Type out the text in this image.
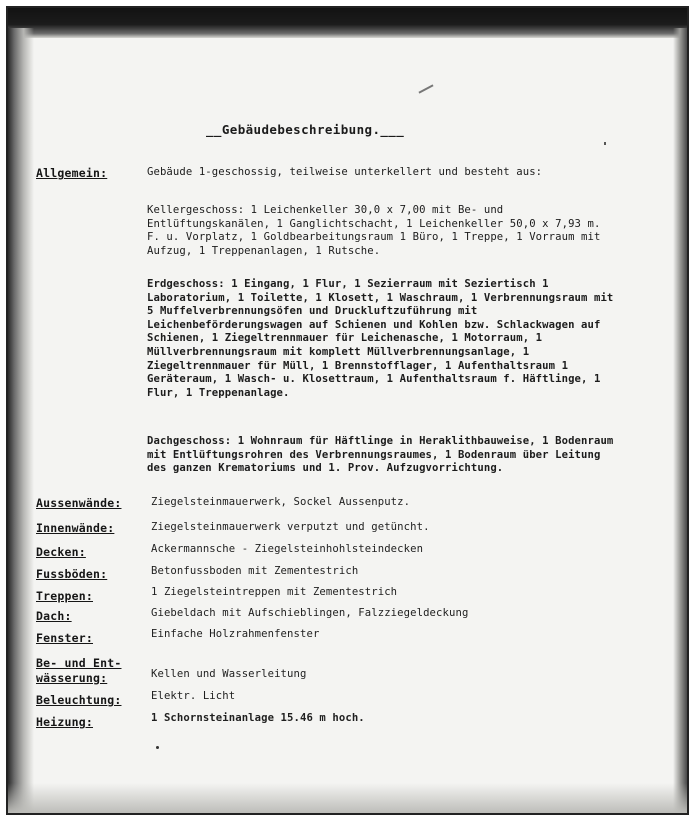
__Gebäudebeschreibung.___
Allgemein:	Gebäude 1-geschossig, teilweise unterkellert und besteht aus:
Kellergeschoss: 1 Leichenkeller 30,0 x 7,00 mit Be- und Entlüftungskanälen, 1 Ganglichtschacht, 1 Leichenkeller 50,0 x 7,93 m. F. u. Vorplatz, 1 Goldbearbeitungsraum 1 Büro, 1 Treppe, 1 Vorraum mit Aufzug, 1 Treppenanlagen, 1 Rutsche.
Erdgeschoss: 1 Eingang, 1 Flur, 1 Sezierraum mit Seziertisch 1 Laboratorium, 1 Toilette, 1 Klosett, 1 Waschraum, 1 Verbrennungsraum mit 5 Muffelverbrennungsöfen und Druckluftzuführung mit Leichenbeförderungswagen auf Schienen und Kohlen bzw. Schlackwagen auf Schienen, 1 Ziegeltrennmauer für Leichenasche, 1 Motorraum, 1 Müllverbrennungsraum mit komplett Müllverbrennungsanlage, 1 Ziegeltrennmauer für Müll, 1 Brennstofflager, 1 Aufenthaltsraum 1 Geräteraum, 1 Wasch- u. Klosettraum, 1 Aufenthaltsraum f. Häftlinge, 1 Flur, 1 Treppenanlage.
Dachgeschoss: 1 Wohnraum für Häftlinge in Heraklithbauweise, 1 Bodenraum mit Entlüftungsrohren des Verbrennungsraumes, 1 Bodenraum über Leitung des ganzen Krematoriums und 1. Prov. Aufzugvorrichtung.
Aussenwände:	Ziegelsteinmauerwerk, Sockel Aussenputz.
Innenwände:	Ziegelsteinmauerwerk verputzt und getüncht.
Decken:	Ackermannsche - Ziegelsteinhohlsteindecken
Fussböden:	Betonfussboden mit Zementestrich
Treppen:	1 Ziegelsteintreppen mit Zementestrich
Dach:	Giebeldach mit Aufschieblingen, Falzziegeldeckung
Fenster:	Einfache Holzrahmenfenster
Be- und Ent-
wässerung:	Kellen und Wasserleitung
Beleuchtung:	Elektr. Licht
Heizung:	1 Schornsteinanlage 15.46 m hoch.
